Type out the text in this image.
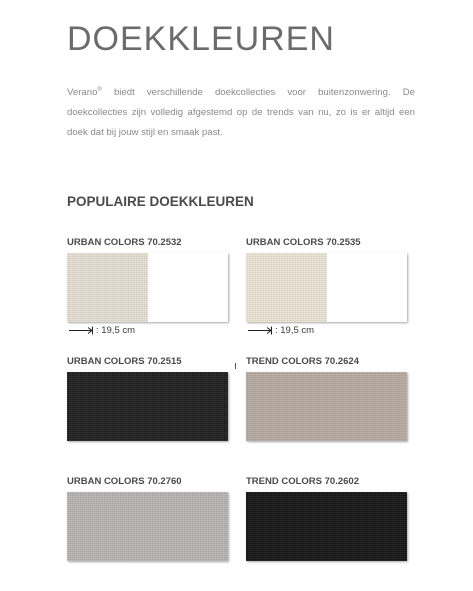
DOEKKLEUREN
Verano® biedt verschillende doekcollecties voor buitenzonwering. De doekcollecties zijn volledig afgestemd op de trends van nu, zo is er altijd een doek dat bij jouw stijl en smaak past.
POPULAIRE DOEKKLEUREN
URBAN COLORS 70.2532
: 19,5 cm
URBAN COLORS 70.2535
: 19,5 cm
URBAN COLORS 70.2515	TREND COLORS 70.2624
URBAN COLORS 70.2760	TREND COLORS 70.2602
